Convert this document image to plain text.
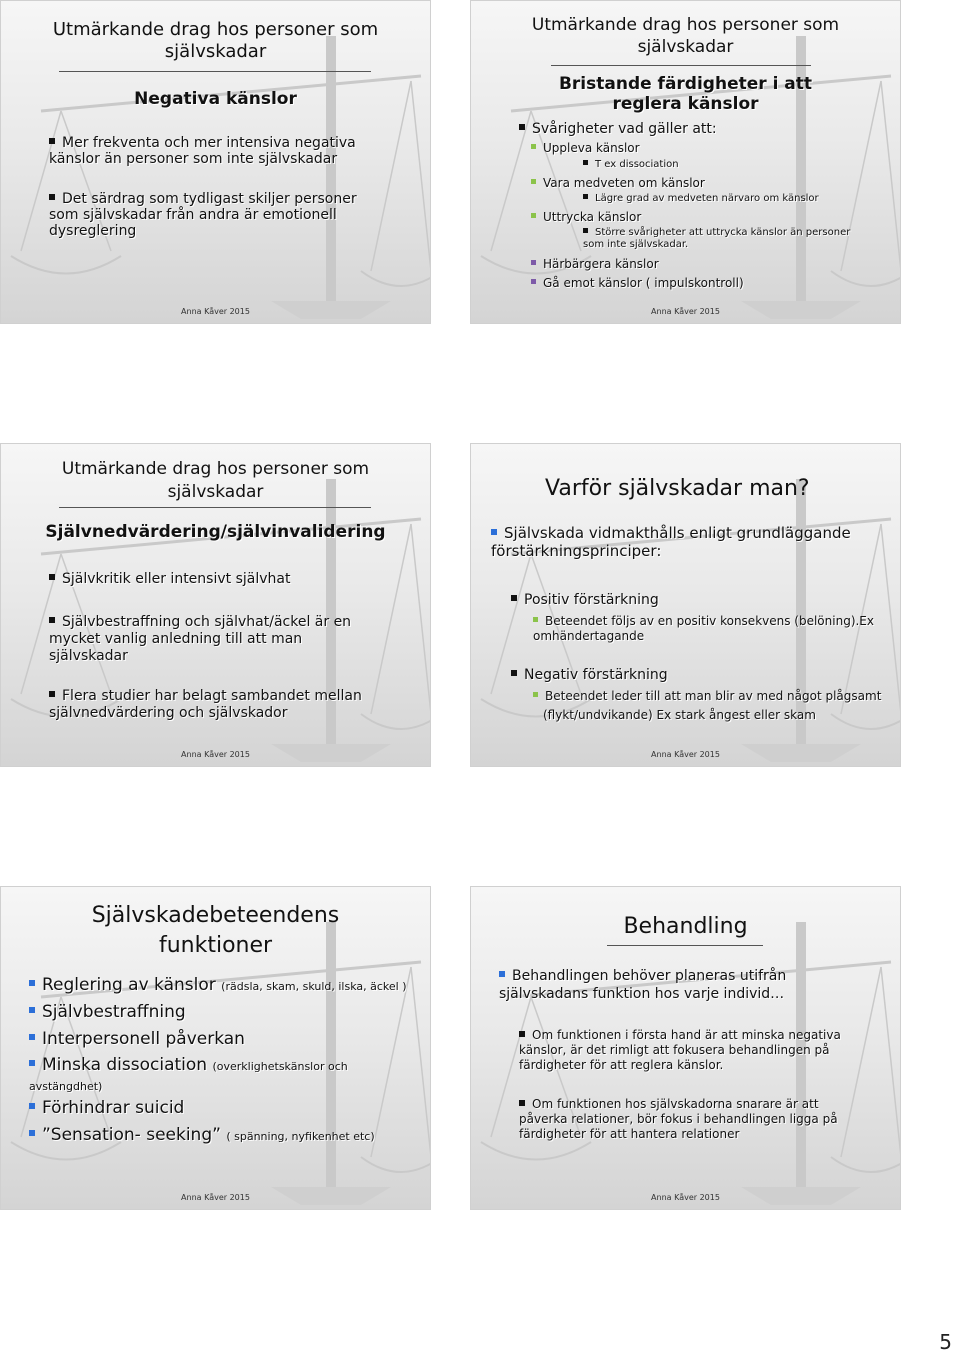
Utmärkande drag hos personer som självskadar
Negativa känslor
Mer frekventa och mer intensiva negativa känslor än personer som inte självskadar
Det särdrag som tydligast skiljer personer som självskadar från andra är emotionell dysreglering
Anna Kåver 2015
Utmärkande drag hos personer som självskadar
Bristande färdigheter i att reglera känslor
Svårigheter vad gäller att:
Uppleva känslor
T ex dissociation
Vara medveten om känslor
Lägre grad av medveten närvaro om känslor
Uttrycka känslor
Större svårigheter att uttrycka känslor än personer som inte självskadar.
Härbärgera känslor
Gå emot känslor ( impulskontroll)
Anna Kåver 2015
Utmärkande drag hos personer som självskadar
Självnedvärdering/självinvalidering
Självkritik eller intensivt självhat
Självbestraffning och självhat/äckel är en mycket vanlig anledning till att man självskadar
Flera studier har belagt sambandet mellan självnedvärdering och självskador
Anna Kåver 2015
Varför självskadar man?
Självskada vidmakthålls enligt grundläggande förstärkningsprinciper:
Positiv förstärkning
Beteendet följs av en positiv konsekvens (belöning).Ex omhändertagande
Negativ förstärkning
Beteendet leder till att man blir av med något plågsamt
(flykt/undvikande) Ex stark ångest eller skam
Anna Kåver 2015
Självskadebeteendens funktioner
Reglering av känslor (rädsla, skam, skuld, ilska, äckel )
Självbestraffning
Interpersonell påverkan
Minska dissociation (overklighetskänslor och avstängdhet)
Förhindrar suicid
”Sensation- seeking” ( spänning, nyfikenhet etc)
Anna Kåver 2015
Behandling
Behandlingen behöver planeras utifrån självskadans funktion hos varje individ…
Om funktionen i första hand är att minska negativa känslor, är det rimligt att fokusera behandlingen på färdigheter för att reglera känslor.
Om funktionen hos självskadorna snarare är att påverka relationer, bör fokus i behandlingen ligga på färdigheter för att hantera relationer
Anna Kåver 2015
5
